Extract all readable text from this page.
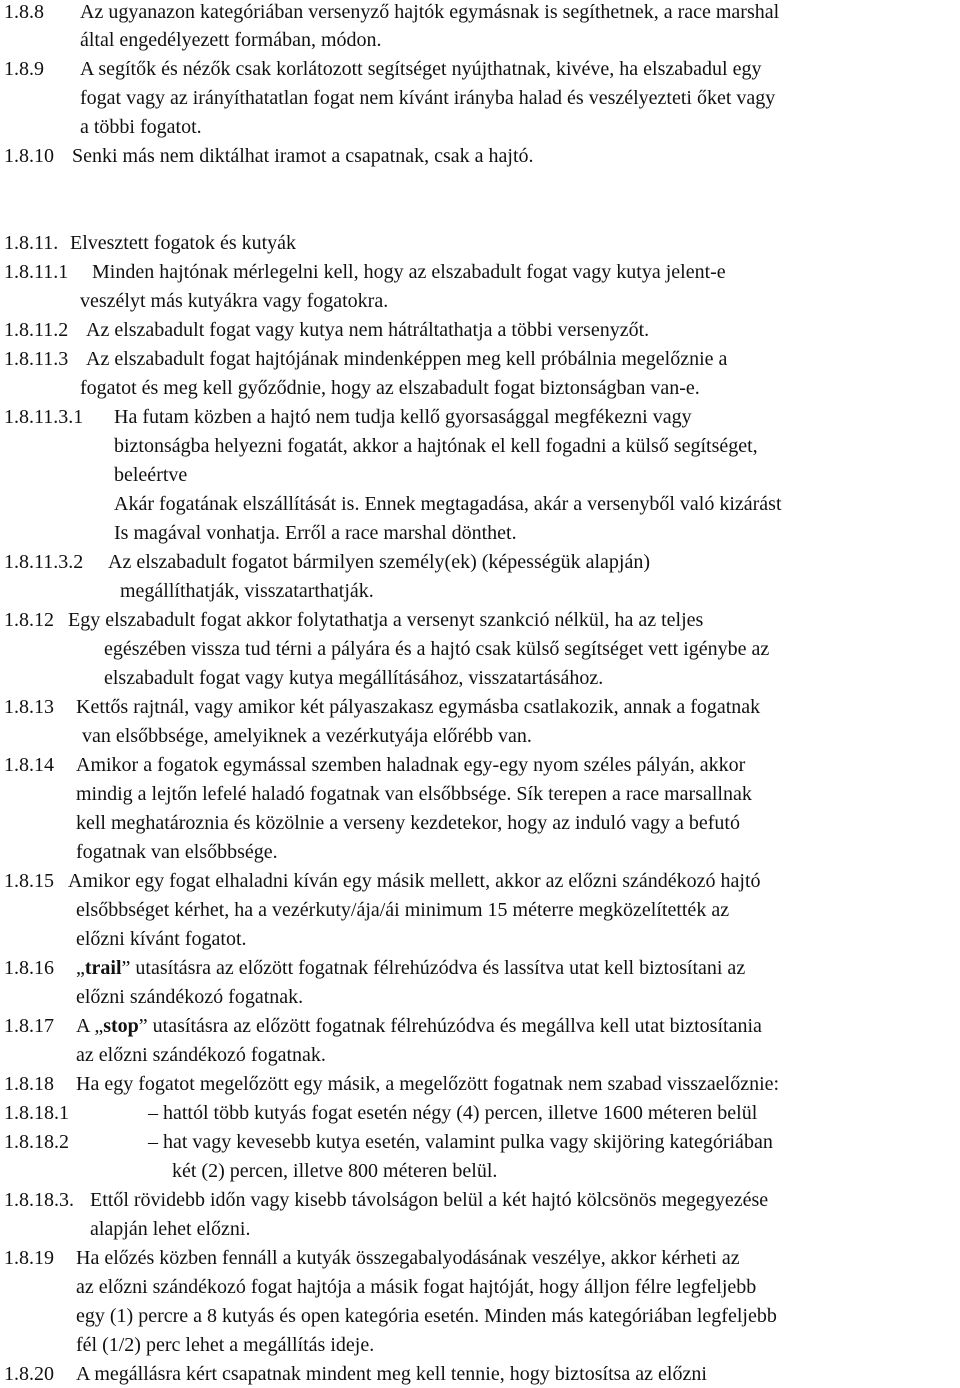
1.8.8 Az ugyanazon kategóriában versenyző hajtók egymásnak is segíthetnek, a race marshal
által engedélyezett formában, módon.
1.8.9 A segítők és nézők csak korlátozott segítséget nyújthatnak, kivéve, ha elszabadul egy
fogat vagy az irányíthatatlan fogat nem kívánt irányba halad és veszélyezteti őket vagy
a többi fogatot.
1.8.10 Senki más nem diktálhat iramot a csapatnak, csak a hajtó.
1.8.11. Elvesztett fogatok és kutyák
1.8.11.1 Minden hajtónak mérlegelni kell, hogy az elszabadult fogat vagy kutya jelent-e
veszélyt más kutyákra vagy fogatokra.
1.8.11.2 Az elszabadult fogat vagy kutya nem hátráltathatja a többi versenyzőt.
1.8.11.3 Az elszabadult fogat hajtójának mindenképpen meg kell próbálnia megelőznie a
fogatot és meg kell győződnie, hogy az elszabadult fogat biztonságban van-e.
1.8.11.3.1 Ha futam közben a hajtó nem tudja kellő gyorsasággal megfékezni vagy
biztonságba helyezni fogatát, akkor a hajtónak el kell fogadni a külső segítséget,
beleértve
Akár fogatának elszállítását is. Ennek megtagadása, akár a versenyből való kizárást
Is magával vonhatja. Erről a race marshal dönthet.
1.8.11.3.2 Az elszabadult fogatot bármilyen személy(ek) (képességük alapján)
megállíthatják, visszatarthatják.
1.8.12 Egy elszabadult fogat akkor folytathatja a versenyt szankció nélkül, ha az teljes
egészében vissza tud térni a pályára és a hajtó csak külső segítséget vett igénybe az
elszabadult fogat vagy kutya megállításához, visszatartásához.
1.8.13 Kettős rajtnál, vagy amikor két pályaszakasz egymásba csatlakozik, annak a fogatnak
van elsőbbsége, amelyiknek a vezérkutyája előrébb van.
1.8.14 Amikor a fogatok egymással szemben haladnak egy-egy nyom széles pályán, akkor
mindig a lejtőn lefelé haladó fogatnak van elsőbbsége. Sík terepen a race marsallnak
kell meghatároznia és közölnie a verseny kezdetekor, hogy az induló vagy a befutó
fogatnak van elsőbbsége.
1.8.15 Amikor egy fogat elhaladni kíván egy másik mellett, akkor az előzni szándékozó hajtó
elsőbbséget kérhet, ha a vezérkuty/ája/ái minimum 15 méterre megközelítették az
előzni kívánt fogatot.
1.8.16 „trail” utasításra az előzött fogatnak félrehúzódva és lassítva utat kell biztosítani az
előzni szándékozó fogatnak.
1.8.17 A „stop” utasításra az előzött fogatnak félrehúzódva és megállva kell utat biztosítania
az előzni szándékozó fogatnak.
1.8.18 Ha egy fogatot megelőzött egy másik, a megelőzött fogatnak nem szabad visszaelőznie:
1.8.18.1	– hattól több kutyás fogat esetén négy (4) percen, illetve 1600 méteren belül
1.8.18.2	– hat vagy kevesebb kutya esetén, valamint pulka vagy skijöring kategóriában
két (2) percen, illetve 800 méteren belül.
1.8.18.3. Ettől rövidebb időn vagy kisebb távolságon belül a két hajtó kölcsönös megegyezése
alapján lehet előzni.
1.8.19 Ha előzés közben fennáll a kutyák összegabalyodásának veszélye, akkor kérheti az
az előzni szándékozó fogat hajtója a másik fogat hajtóját, hogy álljon félre legfeljebb
egy (1) percre a 8 kutyás és open kategória esetén. Minden más kategóriában legfeljebb
fél (1/2) perc lehet a megállítás ideje.
1.8.20 A megállásra kért csapatnak mindent meg kell tennie, hogy biztosítsa az előzni
